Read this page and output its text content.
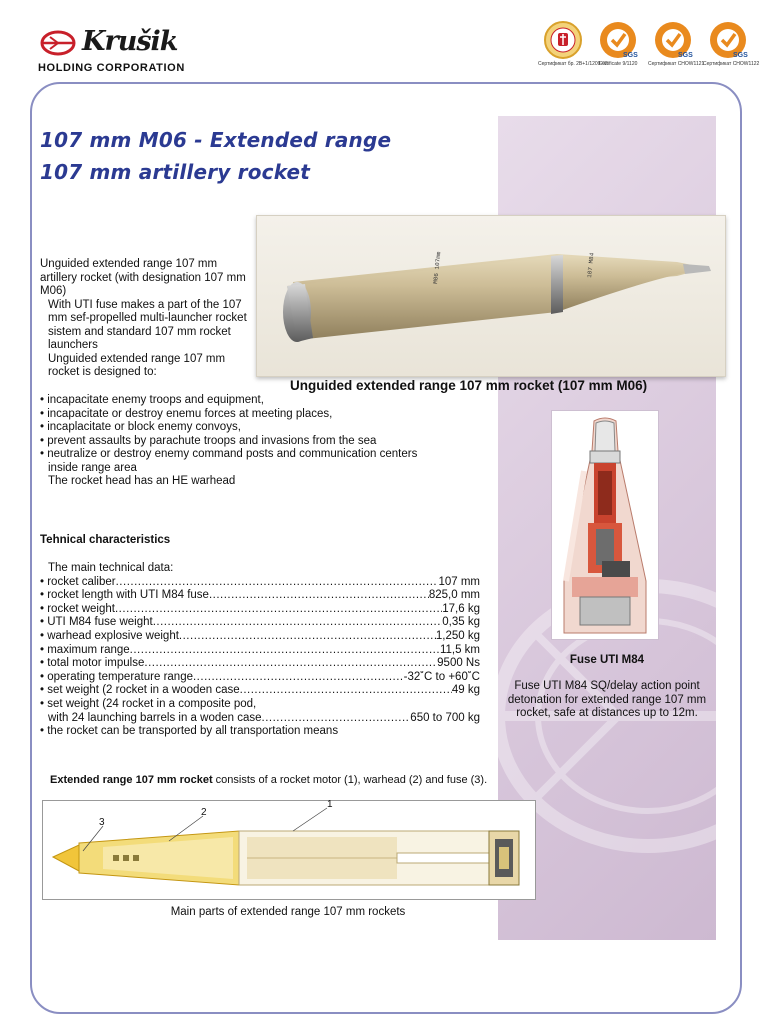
Krušik
HOLDING CORPORATION	Сертификат бр. 2В+1/1209-02
SGS
Certificate 9/1120
SGS
Сертификат CHOW1121
SGS
Сертификат CHOW1122
107 mm M06 - Extended range
107 mm artillery rocket
M06 107mm	107 M84
Unguided extended range 107 mm rocket (107 mm M06)
Unguided extended range 107 mm artillery rocket (with designation 107 mm M06)
With UTI fuse makes a part of the 107 mm sef-propelled multi-launcher rocket sistem and standard 107 mm rocket launchers
Unguided extended range 107 mm rocket is designed to:
• incapacitate enemy troops and equipment,
• incapacitate or destroy enemu forces at meeting places,
• incaplacitate or block enemy convoys,
• prevent assaults by parachute troops and invasions from the sea
• neutralize or destroy enemy command posts and communication centers
inside range area
The rocket head has an HE warhead
Tehnical characteristics
The main technical data:
• rocket caliber .....	107 mm
• rocket length with UTI M84 fuse .....	825,0 mm
• rocket weight .....	17,6 kg
• UTI M84 fuse weight .....	0,35 kg
• warhead explosive weight .....	1,250 kg
• maximum range .....	11,5 km
• total motor impulse .....	9500 Ns
• operating temperature range .....	-32˚C to +60˚C
• set weight (2 rocket in a wooden case .....	49 kg
• set weight (24 rocket in a composite pod,
with 24 launching barrels in a woden case .....	650 to 700 kg
• the rocket can be transported by all transportation means
Fuse UTI M84
Fuse UTI M84 SQ/delay action point detonation for extended range 107 mm rocket, safe at distances up to 12m.
Extended range 107 mm rocket consists of a rocket motor (1), warhead (2) and fuse (3).
1
2
3
Main parts of extended range 107 mm rockets
